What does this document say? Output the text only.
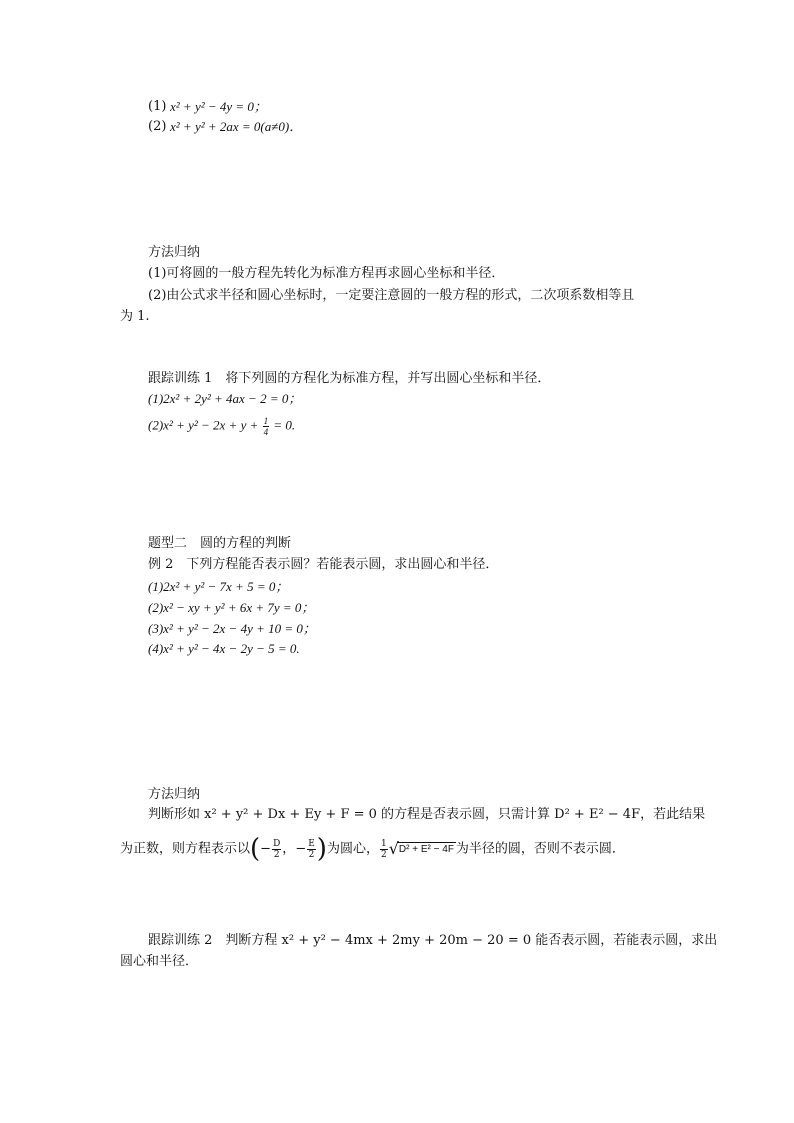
(1) x² + y² − 4y = 0；
(2) x² + y² + 2ax = 0(a≠0)．
方法归纳
(1)可将圆的一般方程先转化为标准方程再求圆心坐标和半径．
(2)由公式求半径和圆心坐标时，一定要注意圆的一般方程的形式，二次项系数相等且
为 1.
跟踪训练 1　将下列圆的方程化为标准方程，并写出圆心坐标和半径．
(1)2x² + 2y² + 4ax − 2 = 0；
$(2)x^2 + y^2 - 2x + y + \frac{1}{4} = 0$.
题型二　圆的方程的判断
例 2　下列方程能否表示圆？若能表示圆，求出圆心和半径．
(1)2x² + y² − 7x + 5 = 0；
(2)x² − xy + y² + 6x + 7y = 0；
(3)x² + y² − 2x − 4y + 10 = 0；
(4)x² + y² − 4x − 2y − 5 = 0.
方法归纳
判断形如 x² + y² + Dx + Ey + F = 0 的方程是否表示圆，只需计算 D² + E² − 4F，若此结果
为正数，则方程表示以(− $\frac{D}{2}$ ，− $\frac{E}{2}$ )为圆心， $\frac{1}{2} √D^2 + E^2 - 4F$ 为半径的圆，否则不表示圆．
跟踪训练 2　判断方程 x² + y² − 4mx + 2my + 20m − 20 = 0 能否表示圆，若能表示圆，求出
圆心和半径．
